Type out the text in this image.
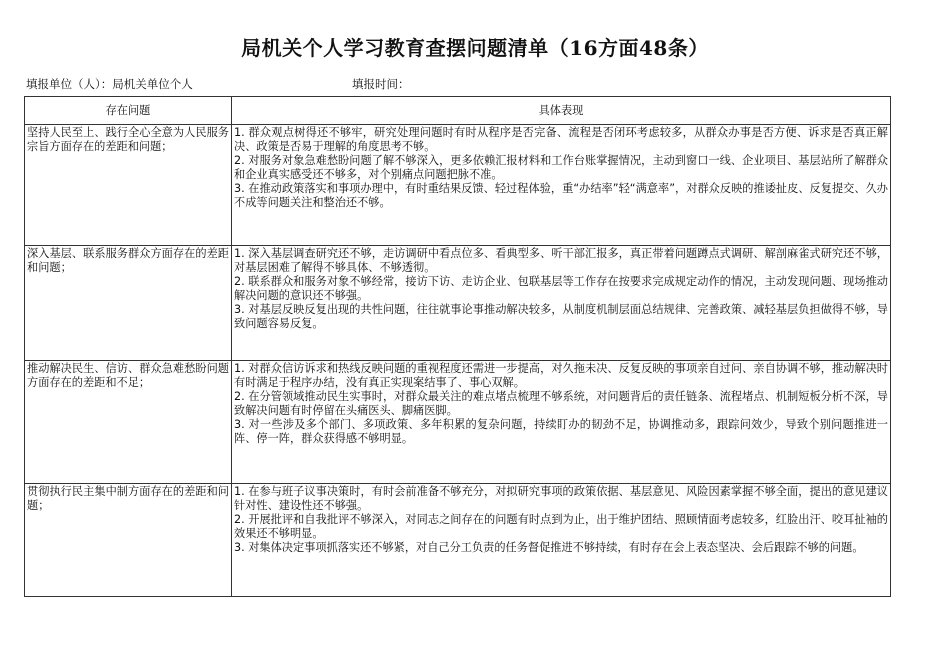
局机关个人学习教育查摆问题清单（16方面48条）
填报单位（人）：局机关单位个人	填报时间：
存在问题	具体表现
坚持人民至上、践行全心全意为人民服务宗旨方面存在的差距和问题；	1. 群众观点树得还不够牢，研究处理问题时有时从程序是否完备、流程是否闭环考虑较多，从群众办事是否方便、诉求是否真正解决、政策是否易于理解的角度思考不够。

2. 对服务对象急难愁盼问题了解不够深入，更多依赖汇报材料和工作台账掌握情况，主动到窗口一线、企业项目、基层站所了解群众和企业真实感受还不够多，对个别痛点问题把脉不准。

3. 在推动政策落实和事项办理中，有时重结果反馈、轻过程体验，重“办结率”轻“满意率”，对群众反映的推诿扯皮、反复提交、久办不成等问题关注和整治还不够。

深入基层、联系服务群众方面存在的差距和问题；	1. 深入基层调查研究还不够，走访调研中看点位多、看典型多、听干部汇报多，真正带着问题蹲点式调研、解剖麻雀式研究还不够，对基层困难了解得不够具体、不够透彻。

2. 联系群众和服务对象不够经常，接访下访、走访企业、包联基层等工作存在按要求完成规定动作的情况，主动发现问题、现场推动解决问题的意识还不够强。

3. 对基层反映反复出现的共性问题，往往就事论事推动解决较多，从制度机制层面总结规律、完善政策、减轻基层负担做得不够，导致问题容易反复。

推动解决民生、信访、群众急难愁盼问题方面存在的差距和不足；	1. 对群众信访诉求和热线反映问题的重视程度还需进一步提高，对久拖未决、反复反映的事项亲自过问、亲自协调不够，推动解决时有时满足于程序办结，没有真正实现案结事了、事心双解。

2. 在分管领域推动民生实事时，对群众最关注的难点堵点梳理不够系统，对问题背后的责任链条、流程堵点、机制短板分析不深，导致解决问题有时停留在头痛医头、脚痛医脚。

3. 对一些涉及多个部门、多项政策、多年积累的复杂问题，持续盯办的韧劲不足，协调推动多，跟踪问效少，导致个别问题推进一阵、停一阵，群众获得感不够明显。

贯彻执行民主集中制方面存在的差距和问题；	1. 在参与班子议事决策时，有时会前准备不够充分，对拟研究事项的政策依据、基层意见、风险因素掌握不够全面，提出的意见建议针对性、建设性还不够强。

2. 开展批评和自我批评不够深入，对同志之间存在的问题有时点到为止，出于维护团结、照顾情面考虑较多，红脸出汗、咬耳扯袖的效果还不够明显。

3. 对集体决定事项抓落实还不够紧，对自己分工负责的任务督促推进不够持续，有时存在会上表态坚决、会后跟踪不够的问题。
